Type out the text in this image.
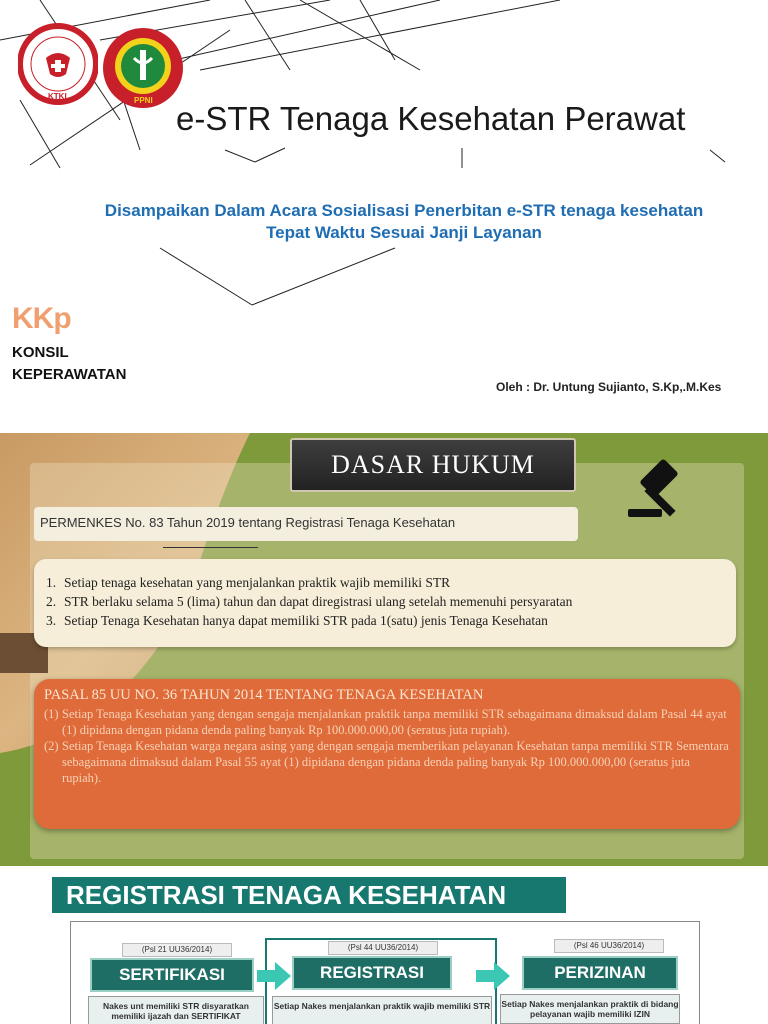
KTKI	PPNI e-STR Tenaga Kesehatan Perawat
Disampaikan Dalam Acara Sosialisasi Penerbitan e-STR tenaga kesehatan
Tepat Waktu Sesuai Janji Layanan
KKp
KONSIL
KEPERAWATAN
Oleh : Dr. Untung Sujianto, S.Kp,.M.Kes
DASAR HUKUM
PERMENKES No. 83 Tahun 2019 tentang Registrasi Tenaga Kesehatan
1. Setiap tenaga kesehatan yang menjalankan praktik wajib memiliki STR
2. STR berlaku selama 5 (lima) tahun dan dapat diregistrasi ulang setelah memenuhi persyaratan
3. Setiap Tenaga Kesehatan hanya dapat memiliki STR pada 1(satu) jenis Tenaga Kesehatan
PASAL 85 UU NO. 36 TAHUN 2014 TENTANG TENAGA KESEHATAN
(1) Setiap Tenaga Kesehatan yang dengan sengaja menjalankan praktik tanpa memiliki STR sebagaimana dimaksud dalam Pasal 44 ayat (1) dipidana dengan pidana denda paling banyak Rp 100.000.000,00 (seratus juta rupiah).
(2) Setiap Tenaga Kesehatan warga negara asing yang dengan sengaja memberikan pelayanan Kesehatan tanpa memiliki STR Sementara sebagaimana dimaksud dalam Pasal 55 ayat (1) dipidana dengan pidana denda paling banyak Rp 100.000.000,00 (seratus juta rupiah).
REGISTRASI TENAGA KESEHATAN
(Psl 21 UU36/2014)
SERTIFIKASI
Nakes unt memiliki STR disyaratkan memiliki ijazah dan SERTIFIKAT
(Psl 44 UU36/2014)
REGISTRASI
Setiap Nakes menjalankan praktik wajib memiliki STR
(Psl 46 UU36/2014)
PERIZINAN
Setiap Nakes menjalankan praktik di bidang pelayanan wajib memiliki IZIN
